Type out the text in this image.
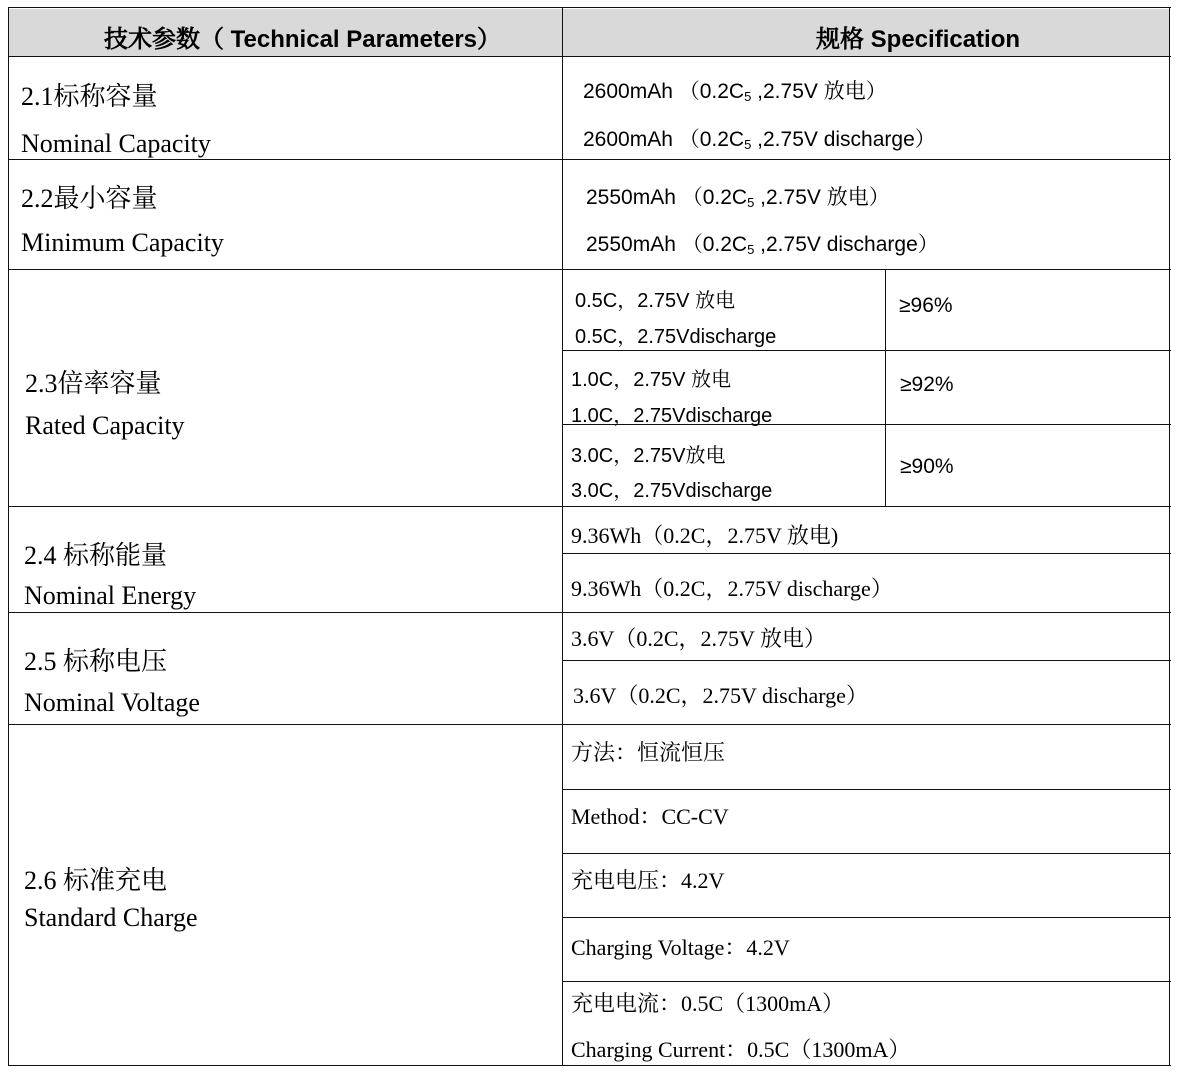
技术参数（ Technical Parameters）	规格 Specification
2.1标称容量
Nominal Capacity
2600mAh （0.2C5 ,2.75V 放电）
2600mAh （0.2C5 ,2.75V discharge）
2.2最小容量
Minimum Capacity
2550mAh （0.2C5 ,2.75V 放电）
2550mAh （0.2C5 ,2.75V discharge）
2.3倍率容量
Rated Capacity
0.5C，2.75V 放电
0.5C，2.75Vdischarge
≥96%
1.0C，2.75V 放电
1.0C，2.75Vdischarge
≥92%
3.0C，2.75V放电
3.0C，2.75Vdischarge
≥90%
2.4 标称能量
Nominal Energy
9.36Wh（0.2C，2.75V 放电)
9.36Wh（0.2C，2.75V discharge）
2.5 标称电压
Nominal Voltage
3.6V（0.2C，2.75V 放电）
3.6V（0.2C，2.75V discharge）
2.6 标准充电
Standard Charge
方法：恒流恒压
Method：CC-CV
充电电压：4.2V
Charging Voltage：4.2V
充电电流：0.5C（1300mA）
Charging Current：0.5C（1300mA）
